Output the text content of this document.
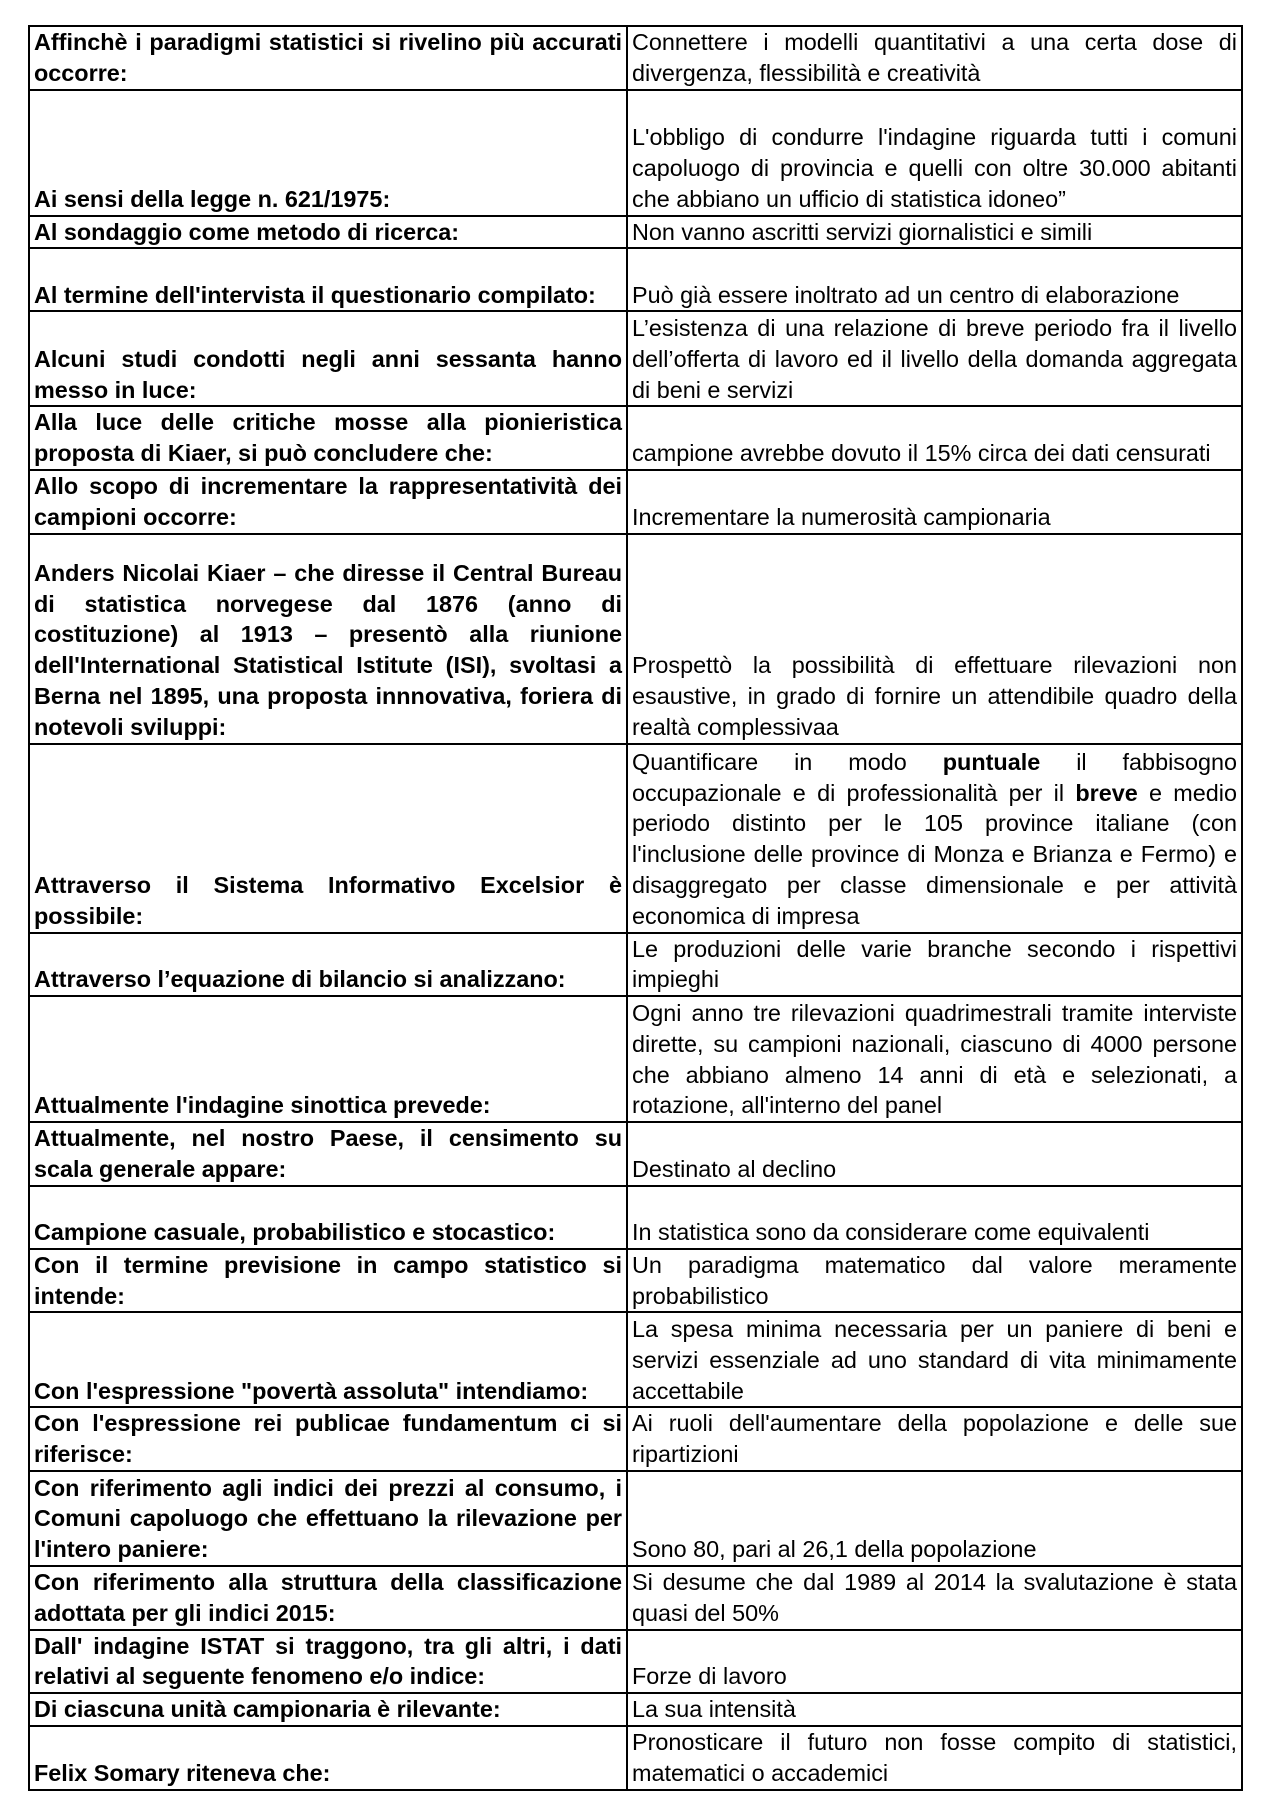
Affinchè i paradigmi statistici si rivelino più accurati occorre:	Connettere i modelli quantitativi a una certa dose di divergenza, flessibilità e creatività
Ai sensi della legge n. 621/1975:	L'obbligo di condurre l'indagine riguarda tutti i comuni capoluogo di provincia e quelli con oltre 30.000 abitanti che abbiano un ufficio di statistica idoneo”
Al sondaggio come metodo di ricerca:	Non vanno ascritti servizi giornalistici e simili
Al termine dell'intervista il questionario compilato:	Può già essere inoltrato ad un centro di elaborazione
Alcuni studi condotti negli anni sessanta hanno messo in luce:	L’esistenza di una relazione di breve periodo fra il livello dell’offerta di lavoro ed il livello della domanda aggregata di beni e servizi
Alla luce delle critiche mosse alla pionieristica proposta di Kiaer, si può concludere che:	campione avrebbe dovuto il 15% circa dei dati censurati
Allo scopo di incrementare la rappresentatività dei campioni occorre:	Incrementare la numerosità campionaria
Anders Nicolai Kiaer – che diresse il Central Bureau di statistica norvegese dal 1876 (anno di costituzione) al 1913 – presentò alla riunione dell'International Statistical Istitute (ISI), svoltasi a Berna nel 1895, una proposta innnovativa, foriera di notevoli sviluppi:	Prospettò la possibilità di effettuare rilevazioni non esaustive, in grado di fornire un attendibile quadro della realtà complessivaa
Attraverso il Sistema Informativo Excelsior è possibile:	Quantificare in modo puntuale il fabbisogno occupazionale e di professionalità per il breve e medio periodo distinto per le 105 province italiane (con l'inclusione delle province di Monza e Brianza e Fermo) e disaggregato per classe dimensionale e per attività economica di impresa
Attraverso l’equazione di bilancio si analizzano:	Le produzioni delle varie branche secondo i rispettivi impieghi
Attualmente l'indagine sinottica prevede:	Ogni anno tre rilevazioni quadrimestrali tramite interviste dirette, su campioni nazionali, ciascuno di 4000 persone che abbiano almeno 14 anni di età e selezionati, a rotazione, all'interno del panel
Attualmente, nel nostro Paese, il censimento su scala generale appare:	Destinato al declino
Campione casuale, probabilistico e stocastico:	In statistica sono da considerare come equivalenti
Con il termine previsione in campo statistico si intende:	Un paradigma matematico dal valore meramente probabilistico
Con l'espressione "povertà assoluta" intendiamo:	La spesa minima necessaria per un paniere di beni e servizi essenziale ad uno standard di vita minimamente accettabile
Con l'espressione rei publicae fundamentum ci si riferisce:	Ai ruoli dell'aumentare della popolazione e delle sue ripartizioni
Con riferimento agli indici dei prezzi al consumo, i Comuni capoluogo che effettuano la rilevazione per l'intero paniere:	Sono 80, pari al 26,1 della popolazione
Con riferimento alla struttura della classificazione adottata per gli indici 2015:	Si desume che dal 1989 al 2014 la svalutazione è stata quasi del 50%
Dall' indagine ISTAT si traggono, tra gli altri, i dati relativi al seguente fenomeno e/o indice:	Forze di lavoro
Di ciascuna unità campionaria è rilevante:	La sua intensità
Felix Somary riteneva che:	Pronosticare il futuro non fosse compito di statistici, matematici o accademici
